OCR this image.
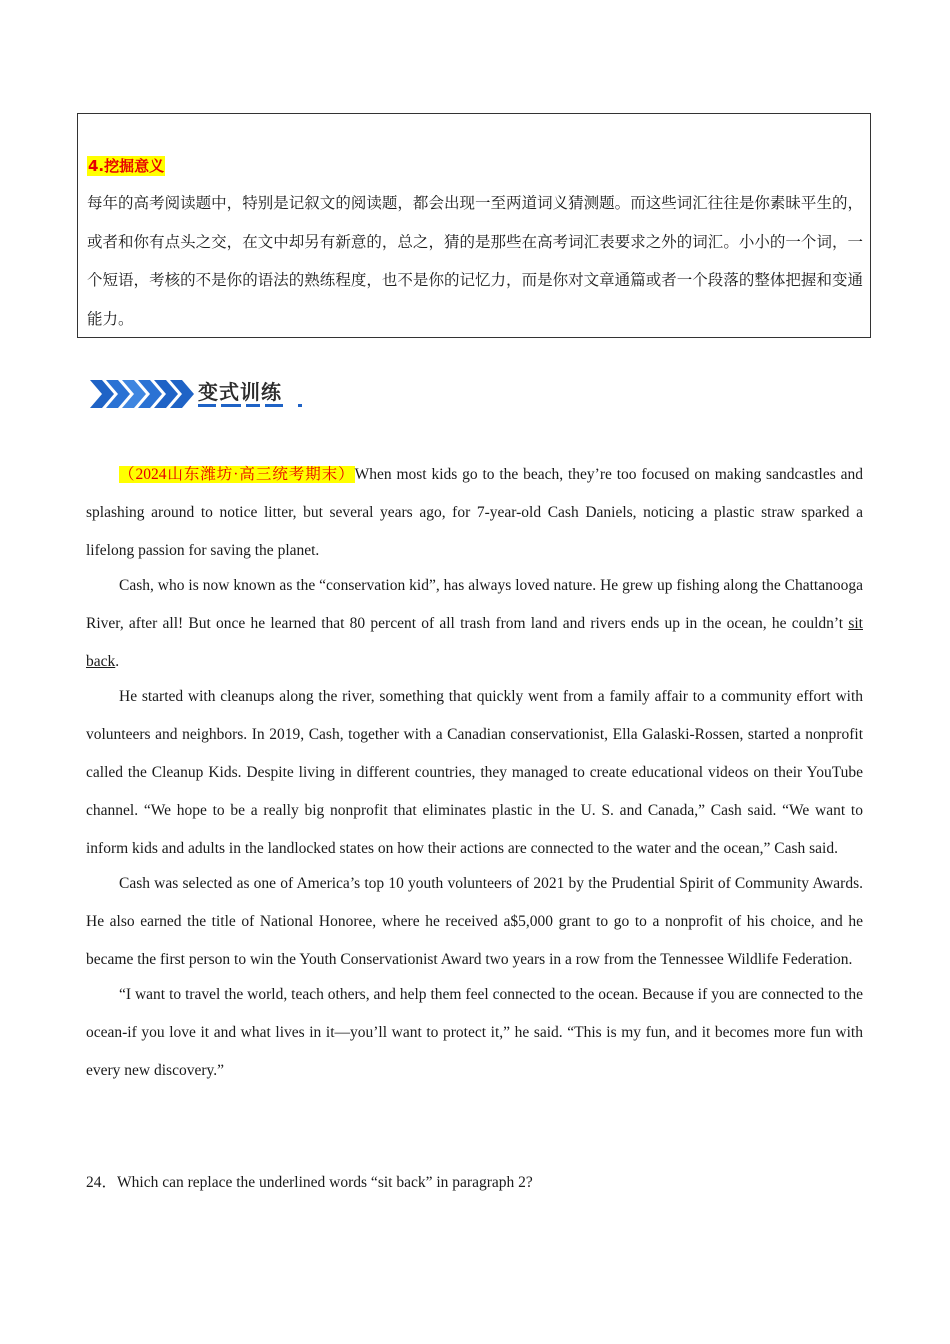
4.挖掘意义
每年的高考阅读题中，特别是记叙文的阅读题，都会出现一至两道词义猜测题。而这些词汇往往是你素昧平生的，或者和你有点头之交，在文中却另有新意的，总之，猜的是那些在高考词汇表要求之外的词汇。小小的一个词，一个短语，考核的不是你的语法的熟练程度，也不是你的记忆力，而是你对文章通篇或者一个段落的整体把握和变通能力。
变式训练

（2024山东潍坊·高三统考期末）When most kids go to the beach, they’re too focused on making sandcastles and splashing around to notice litter, but several years ago, for 7-year-old Cash Daniels, noticing a plastic straw sparked a lifelong passion for saving the planet.

Cash, who is now known as the “conservation kid”, has always loved nature. He grew up fishing along the Chattanooga River, after all! But once he learned that 80 percent of all trash from land and rivers ends up in the ocean, he couldn’t sit back.

He started with cleanups along the river, something that quickly went from a family affair to a community effort with volunteers and neighbors. In 2019, Cash, together with a Canadian conservationist, Ella Galaski-Rossen, started a nonprofit called the Cleanup Kids. Despite living in different countries, they managed to create educational videos on their YouTube channel. “We hope to be a really big nonprofit that eliminates plastic in the U. S. and Canada,” Cash said. “We want to inform kids and adults in the landlocked states on how their actions are connected to the water and the ocean,” Cash said.

Cash was selected as one of America’s top 10 youth volunteers of 2021 by the Prudential Spirit of Community Awards. He also earned the title of National Honoree, where he received a$5,000 grant to go to a nonprofit of his choice, and he became the first person to win the Youth Conservationist Award two years in a row from the Tennessee Wildlife Federation.

“I want to travel the world, teach others, and help them feel connected to the ocean. Because if you are connected to the ocean-if you love it and what lives in it—you’ll want to protect it,” he said. “This is my fun, and it becomes more fun with every new discovery.”

24．Which can replace the underlined words “sit back” in paragraph 2?
